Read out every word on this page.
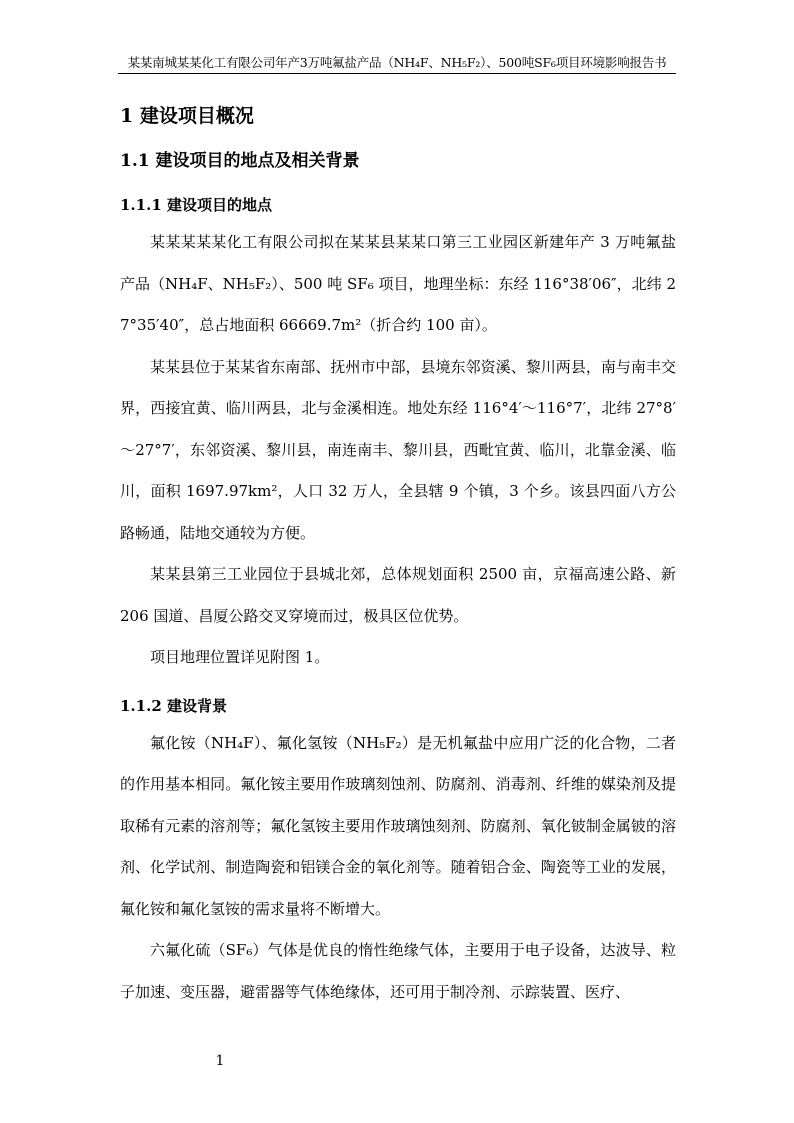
某某南城某某化工有限公司年产3万吨氟盐产品（NH₄F、NH₅F₂）、500吨SF₆项目环境影响报告书
1 建设项目概况
1.1 建设项目的地点及相关背景
1.1.1 建设项目的地点

某某某某某化工有限公司拟在某某县某某口第三工业园区新建年产 3 万吨氟盐产品（NH₄F、NH₅F₂）、500 吨 SF₆ 项目，地理坐标：东经 116°38′06″，北纬 27°35′40″，总占地面积 66669.7m²（折合约 100 亩）。

某某县位于某某省东南部、抚州市中部，县境东邻资溪、黎川两县，南与南丰交界，西接宜黄、临川两县，北与金溪相连。地处东经 116°4′～116°7′，北纬 27°8′～27°7′，东邻资溪、黎川县，南连南丰、黎川县，西毗宜黄、临川，北靠金溪、临川，面积 1697.97km²，人口 32 万人，全县辖 9 个镇，3 个乡。该县四面八方公路畅通，陆地交通较为方便。

某某县第三工业园位于县城北郊，总体规划面积 2500 亩，京福高速公路、新 206 国道、昌厦公路交叉穿境而过，极具区位优势。

项目地理位置详见附图 1。

1.1.2 建设背景

氟化铵（NH₄F）、氟化氢铵（NH₅F₂）是无机氟盐中应用广泛的化合物，二者的作用基本相同。氟化铵主要用作玻璃刻蚀剂、防腐剂、消毒剂、纤维的媒染剂及提取稀有元素的溶剂等；氟化氢铵主要用作玻璃蚀刻剂、防腐剂、氧化铍制金属铍的溶剂、化学试剂、制造陶瓷和铝镁合金的氧化剂等。随着铝合金、陶瓷等工业的发展，氟化铵和氟化氢铵的需求量将不断增大。

六氟化硫（SF₆）气体是优良的惰性绝缘气体，主要用于电子设备，达波导、粒子加速、变压器，避雷器等气体绝缘体，还可用于制冷剂、示踪装置、医疗、

1
